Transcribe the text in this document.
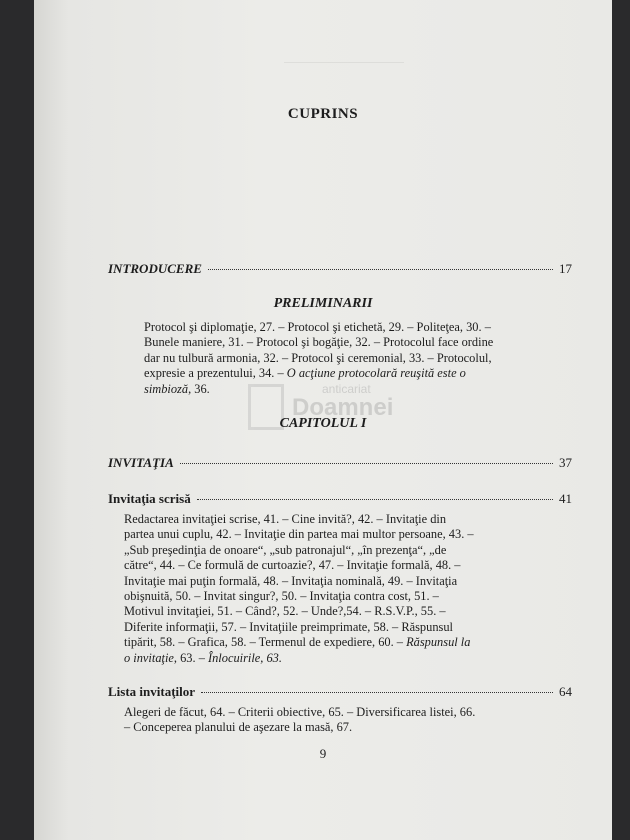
CUPRINS
INTRODUCERE	17
PRELIMINARII
Protocol şi diplomaţie, 27. – Protocol şi etichetă, 29. – Politeţea, 30. –
Bunele maniere, 31. – Protocol şi bogăţie, 32. – Protocolul face ordine
dar nu tulbură armonia, 32. – Protocol şi ceremonial, 33. – Protocolul,
expresie a prezentului, 34. – O acţiune protocolară reuşită este o
simbioză, 36.	anticariat
Doamnei
CAPITOLUL I
INVITAŢIA	37
Invitaţia scrisă	41
Redactarea invitaţiei scrise, 41. – Cine invită?, 42. – Invitaţie din
partea unui cuplu, 42. – Invitaţie din partea mai multor persoane, 43. –
„Sub preşedinţia de onoare“, „sub patronajul“, „în prezenţa“, „de
către“, 44. – Ce formulă de curtoazie?, 47. – Invitaţie formală, 48. –
Invitaţie mai puţin formală, 48. – Invitaţia nominală, 49. – Invitaţia
obişnuită, 50. – Invitat singur?, 50. – Invitaţia contra cost, 51. –
Motivul invitaţiei, 51. – Când?, 52. – Unde?,54. – R.S.V.P., 55. –
Diferite informaţii, 57. – Invitaţiile preimprimate, 58. – Răspunsul
tipărit, 58. – Grafica, 58. – Termenul de expediere, 60. – Răspunsul la
o invitaţie, 63. – Înlocuirile, 63.
Lista invitaţilor	64
Alegeri de făcut, 64. – Criterii obiective, 65. – Diversificarea listei, 66.
– Conceperea planului de aşezare la masă, 67.
9
